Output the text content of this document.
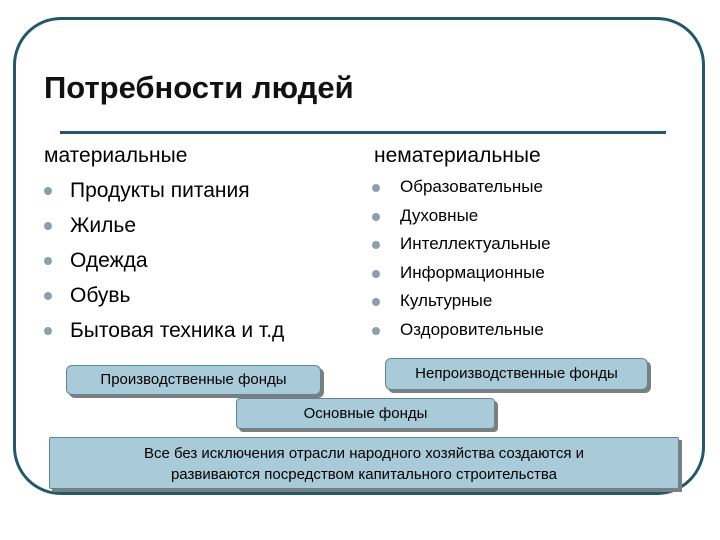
Потребности людей
материальные	нематериальные
Продукты питания
Жилье
Одежда
Обувь
Бытовая техника и т.д
Образовательные
Духовные
Интеллектуальные
Информационные
Культурные
Оздоровительные
Производственные фонды	Непроизводственные фонды
Основные фонды
Все без исключения отрасли народного хозяйства создаются и
развиваются посредством капитального строительства
